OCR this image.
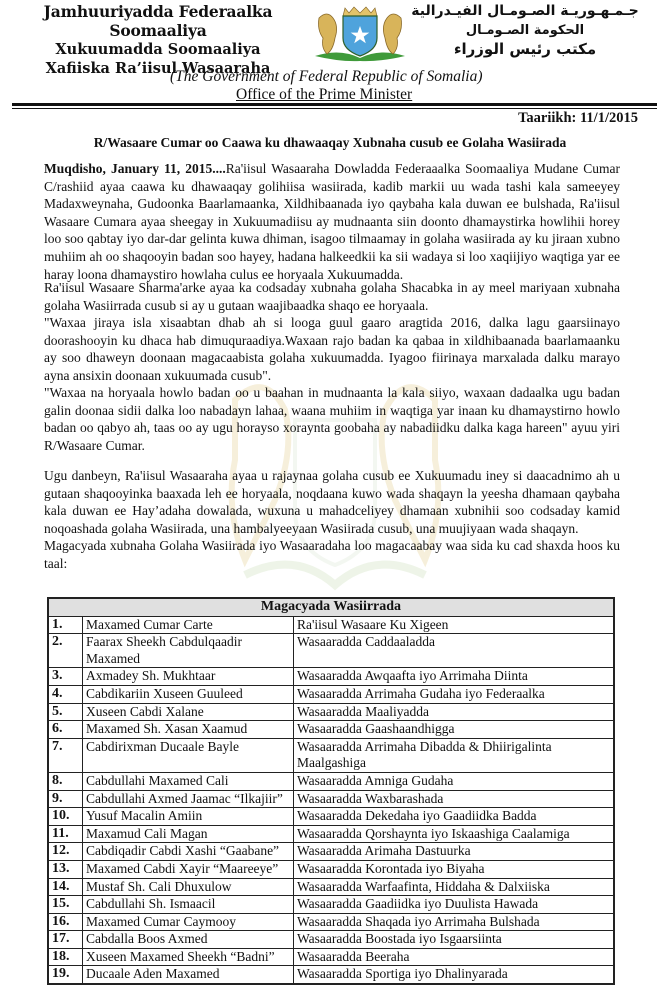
Jamhuuriyadda Federaalka Soomaaliya
Xukuumadda Soomaaliya
Xafiiska Ra’iisul Wasaaraha
جـمـهـوريـة الصـومـال الفيـدرالية
الحكومة الصـومـال
مكتب رئيس الوزراء
(The Government of Federal Republic of Somalia)
Office of the Prime Minister
Taariikh: 11/1/2015
R/Wasaare Cumar oo Caawa ku dhawaaqay Xubnaha cusub ee Golaha Wasiirada
Muqdisho, January 11, 2015....Ra'iisul Wasaaraha Dowladda Federaaalka Soomaaliya Mudane Cumar C/rashiid ayaa caawa ku dhawaaqay golihiisa wasiirada, kadib markii uu wada tashi kala sameeyey Madaxweynaha, Gudoonka Baarlamaanka, Xildhibaanada iyo qaybaha kala duwan ee bulshada, Ra'iisul Wasaare Cumara ayaa sheegay in Xukuumadiisu ay mudnaanta siin doonto dhamaystirka howlihii horey loo soo qabtay iyo dar-dar gelinta kuwa dhiman, isagoo tilmaamay in golaha wasiirada ay ku jiraan xubno muhiim ah oo shaqooyin badan soo hayey, hadana halkeedkii ka sii wadaya si loo xaqiijiyo waqtiga yar ee haray loona dhamaystiro howlaha culus ee horyaala Xukuumadda.
Ra'iisul Wasaare Sharma'arke ayaa ka codsaday xubnaha golaha Shacabka in ay meel mariyaan xubnaha golaha Wasiirrada cusub si ay u gutaan waajibaadka shaqo ee horyaala.
"Waxaa jiraya isla xisaabtan dhab ah si looga guul gaaro aragtida 2016, dalka lagu gaarsiinayo doorashooyin ku dhaca hab dimuquraadiya.Waxaan rajo badan ka qabaa in xildhibaanada baarlamaanku ay soo dhaweyn doonaan magacaabista golaha xukuumadda. Iyagoo fiirinaya marxalada dalku marayo ayna ansixin doonaan xukuumada cusub".
"Waxaa na horyaala howlo badan oo u baahan in mudnaanta la kala siiyo, waxaan dadaalka ugu badan galin doonaa sidii dalka loo nabadayn lahaa, waana muhiim in waqtiga yar inaan ku dhamaystirno howlo badan oo qabyo ah, taas oo ay ugu horayso xoraynta goobaha ay nabadiidku dalka kaga hareen" ayuu yiri R/Wasaare Cumar.
Ugu danbeyn, Ra'iisul Wasaaraha ayaa u rajaynaa golaha cusub ee Xukuumadu iney si daacadnimo ah u gutaan shaqooyinka baaxada leh ee horyaala, noqdaana kuwo wada shaqayn la yeesha dhamaan qaybaha kala duwan ee Hay’adaha dowalada, wuxuna u mahadceliyey dhamaan xubnihii soo codsaday kamid noqoashada golaha Wasiirada, una hambalyeeyaan Wasiirada cusub, una muujiyaan wada shaqayn.
Magacyada xubnaha Golaha Wasiirada iyo Wasaaradaha loo magacaabay waa sida ku cad shaxda hoos ku taal:
Magacyada Wasiirrada		
1.	Maxamed Cumar Carte	Ra'iisul Wasaare Ku Xigeen
2.	Faarax Sheekh Cabdulqaadir Maxamed	Wasaaradda Caddaaladda
3.	Axmadey Sh. Mukhtaar	Wasaaradda Awqaafta iyo Arrimaha Diinta
4.	Cabdikariin Xuseen Guuleed	Wasaaradda Arrimaha Gudaha iyo Federaalka
5.	Xuseen Cabdi Xalane	Wasaaradda Maaliyadda
6.	Maxamed Sh. Xasan Xaamud	Wasaaradda Gaashaandhigga
7.	Cabdirixman Ducaale Bayle	Wasaaradda Arrimaha Dibadda & Dhiirigalinta Maalgashiga
8.	Cabdullahi Maxamed Cali	Wasaaradda Amniga Gudaha
9.	Cabdullahi Axmed Jaamac “Ilkajiir”	Wasaaradda Waxbarashada
10.	Yusuf Macalin Amiin	Wasaaradda Dekedaha iyo Gaadiidka Badda
11.	Maxamud Cali Magan	Wasaaradda Qorshaynta iyo Iskaashiga Caalamiga
12.	Cabdiqadir Cabdi Xashi “Gaabane”	Wasaaradda Arimaha Dastuurka
13.	Maxamed Cabdi Xayir “Maareeye”	Wasaaradda Korontada iyo Biyaha
14.	Mustaf Sh. Cali Dhuxulow	Wasaaradda Warfaafinta, Hiddaha & Dalxiiska
15.	Cabdullahi Sh. Ismaacil	Wasaaradda Gaadiidka iyo Duulista Hawada
16.	Maxamed Cumar Caymooy	Wasaaradda Shaqada iyo Arrimaha Bulshada
17.	Cabdalla Boos Axmed	Wasaaradda Boostada iyo Isgaarsiinta
18.	Xuseen Maxamed Sheekh “Badni”	Wasaaradda Beeraha
19.	Ducaale Aden Maxamed	Wasaaradda Sportiga iyo Dhalinyarada
